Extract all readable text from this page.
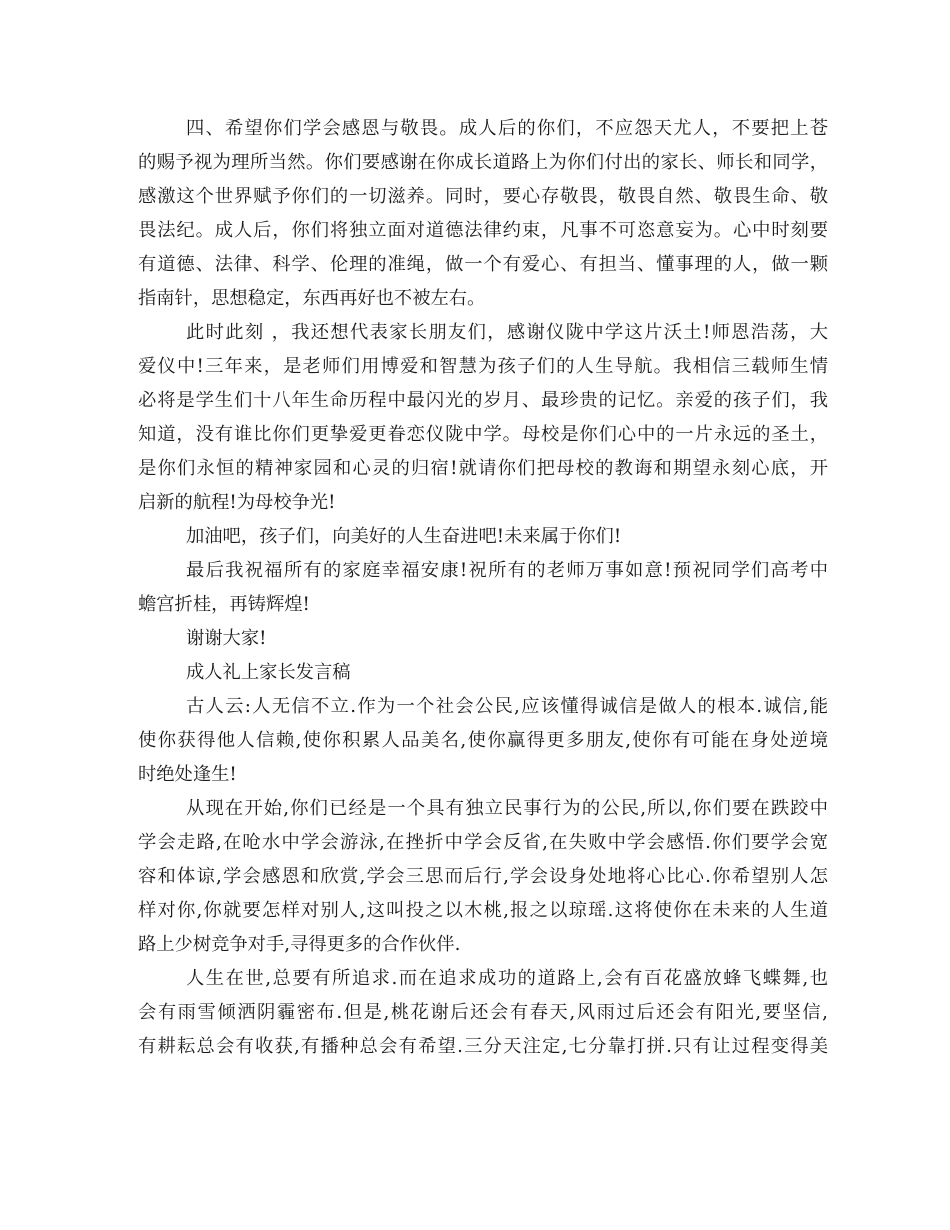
四、希望你们学会感恩与敬畏。成人后的你们，不应怨天尤人，不要把上苍
的赐予视为理所当然。你们要感谢在你成长道路上为你们付出的家长、师长和同学，
感激这个世界赋予你们的一切滋养。同时，要心存敬畏，敬畏自然、敬畏生命、敬
畏法纪。成人后，你们将独立面对道德法律约束，凡事不可恣意妄为。心中时刻要
有道德、法律、科学、伦理的准绳，做一个有爱心、有担当、懂事理的人，做一颗
指南针，思想稳定，东西再好也不被左右。
此时此刻 ，我还想代表家长朋友们，感谢仪陇中学这片沃土!师恩浩荡，大
爱仪中!三年来，是老师们用博爱和智慧为孩子们的人生导航。我相信三载师生情
必将是学生们十八年生命历程中最闪光的岁月、最珍贵的记忆。亲爱的孩子们，我
知道，没有谁比你们更挚爱更眷恋仪陇中学。母校是你们心中的一片永远的圣土，
是你们永恒的精神家园和心灵的归宿!就请你们把母校的教诲和期望永刻心底，开
启新的航程!为母校争光!
加油吧，孩子们，向美好的人生奋进吧!未来属于你们!
最后我祝福所有的家庭幸福安康!祝所有的老师万事如意!预祝同学们高考中
蟾宫折桂，再铸辉煌!
谢谢大家!
成人礼上家长发言稿
古人云:人无信不立.作为一个社会公民,应该懂得诚信是做人的根本.诚信,能
使你获得他人信赖,使你积累人品美名,使你赢得更多朋友,使你有可能在身处逆境
时绝处逢生!
从现在开始,你们已经是一个具有独立民事行为的公民,所以,你们要在跌跤中
学会走路,在呛水中学会游泳,在挫折中学会反省,在失败中学会感悟.你们要学会宽
容和体谅,学会感恩和欣赏,学会三思而后行,学会设身处地将心比心.你希望别人怎
样对你,你就要怎样对别人,这叫投之以木桃,报之以琼瑶.这将使你在未来的人生道
路上少树竞争对手,寻得更多的合作伙伴.
人生在世,总要有所追求.而在追求成功的道路上,会有百花盛放蜂飞蝶舞,也
会有雨雪倾洒阴霾密布.但是,桃花谢后还会有春天,风雨过后还会有阳光,要坚信,
有耕耘总会有收获,有播种总会有希望.三分天注定,七分靠打拼.只有让过程变得美
